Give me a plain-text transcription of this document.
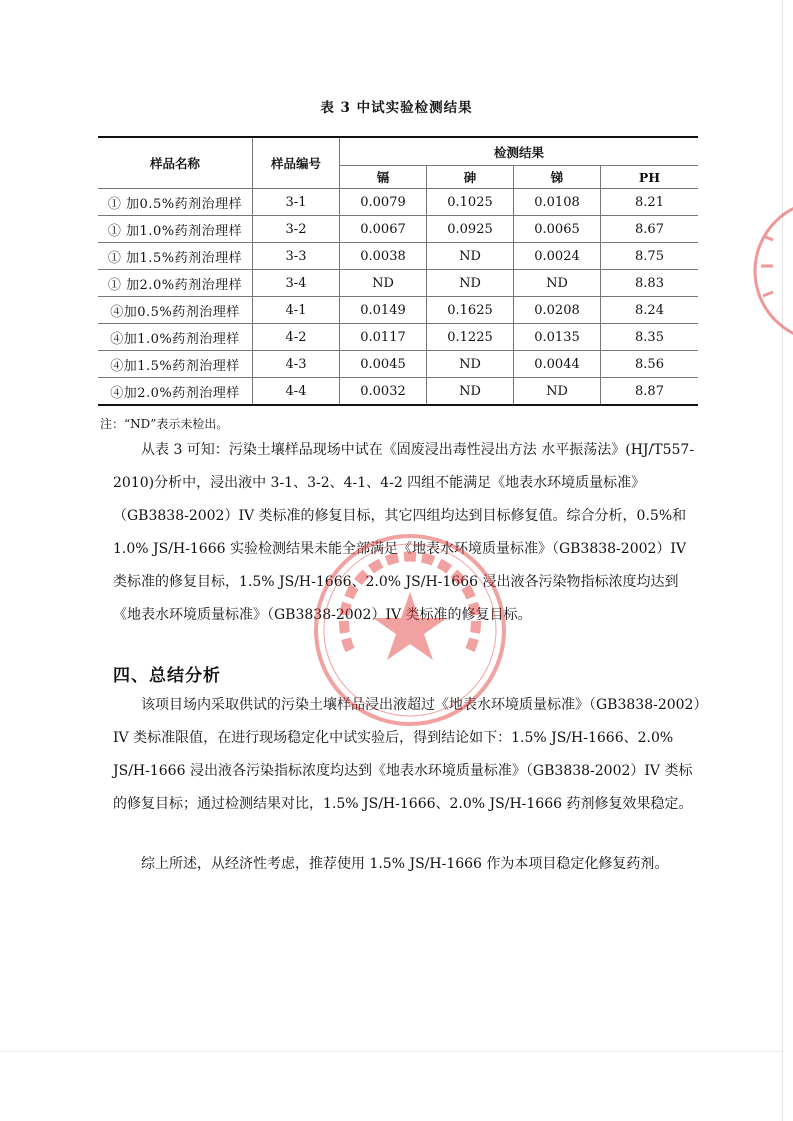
表 3 中试实验检测结果
样品名称	样品编号	检测结果			
		镉	砷	锑	PH
① 加0.5%药剂治理样	3-1	0.0079	0.1025	0.0108	8.21
① 加1.0%药剂治理样	3-2	0.0067	0.0925	0.0065	8.67
① 加1.5%药剂治理样	3-3	0.0038	ND	0.0024	8.75
① 加2.0%药剂治理样	3-4	ND	ND	ND	8.83
④加0.5%药剂治理样	4-1	0.0149	0.1625	0.0208	8.24
④加1.0%药剂治理样	4-2	0.0117	0.1225	0.0135	8.35
④加1.5%药剂治理样	4-3	0.0045	ND	0.0044	8.56
④加2.0%药剂治理样	4-4	0.0032	ND	ND	8.87
注：“ND”表示未检出。
从表 3 可知：污染土壤样品现场中试在《固废浸出毒性浸出方法 水平振荡法》(HJ/T557-2010)分析中，浸出液中 3-1、3-2、4-1、4-2 四组不能满足《地表水环境质量标准》（GB3838-2002）IV 类标准的修复目标，其它四组均达到目标修复值。综合分析，0.5%和 1.0% JS/H-1666 实验检测结果未能全部满足《地表水环境质量标准》（GB3838-2002）IV 类标准的修复目标，1.5% JS/H-1666、2.0% JS/H-1666 浸出液各污染物指标浓度均达到《地表水环境质量标准》（GB3838-2002）IV 类标准的修复目标。
四、总结分析
该项目场内采取供试的污染土壤样品浸出液超过《地表水环境质量标准》（GB3838-2002）IV 类标准限值，在进行现场稳定化中试实验后，得到结论如下：1.5% JS/H-1666、2.0% JS/H-1666 浸出液各污染指标浓度均达到《地表水环境质量标准》（GB3838-2002）IV 类标的修复目标；通过检测结果对比，1.5% JS/H-1666、2.0% JS/H-1666 药剂修复效果稳定。
综上所述，从经济性考虑，推荐使用 1.5% JS/H-1666 作为本项目稳定化修复药剂。
